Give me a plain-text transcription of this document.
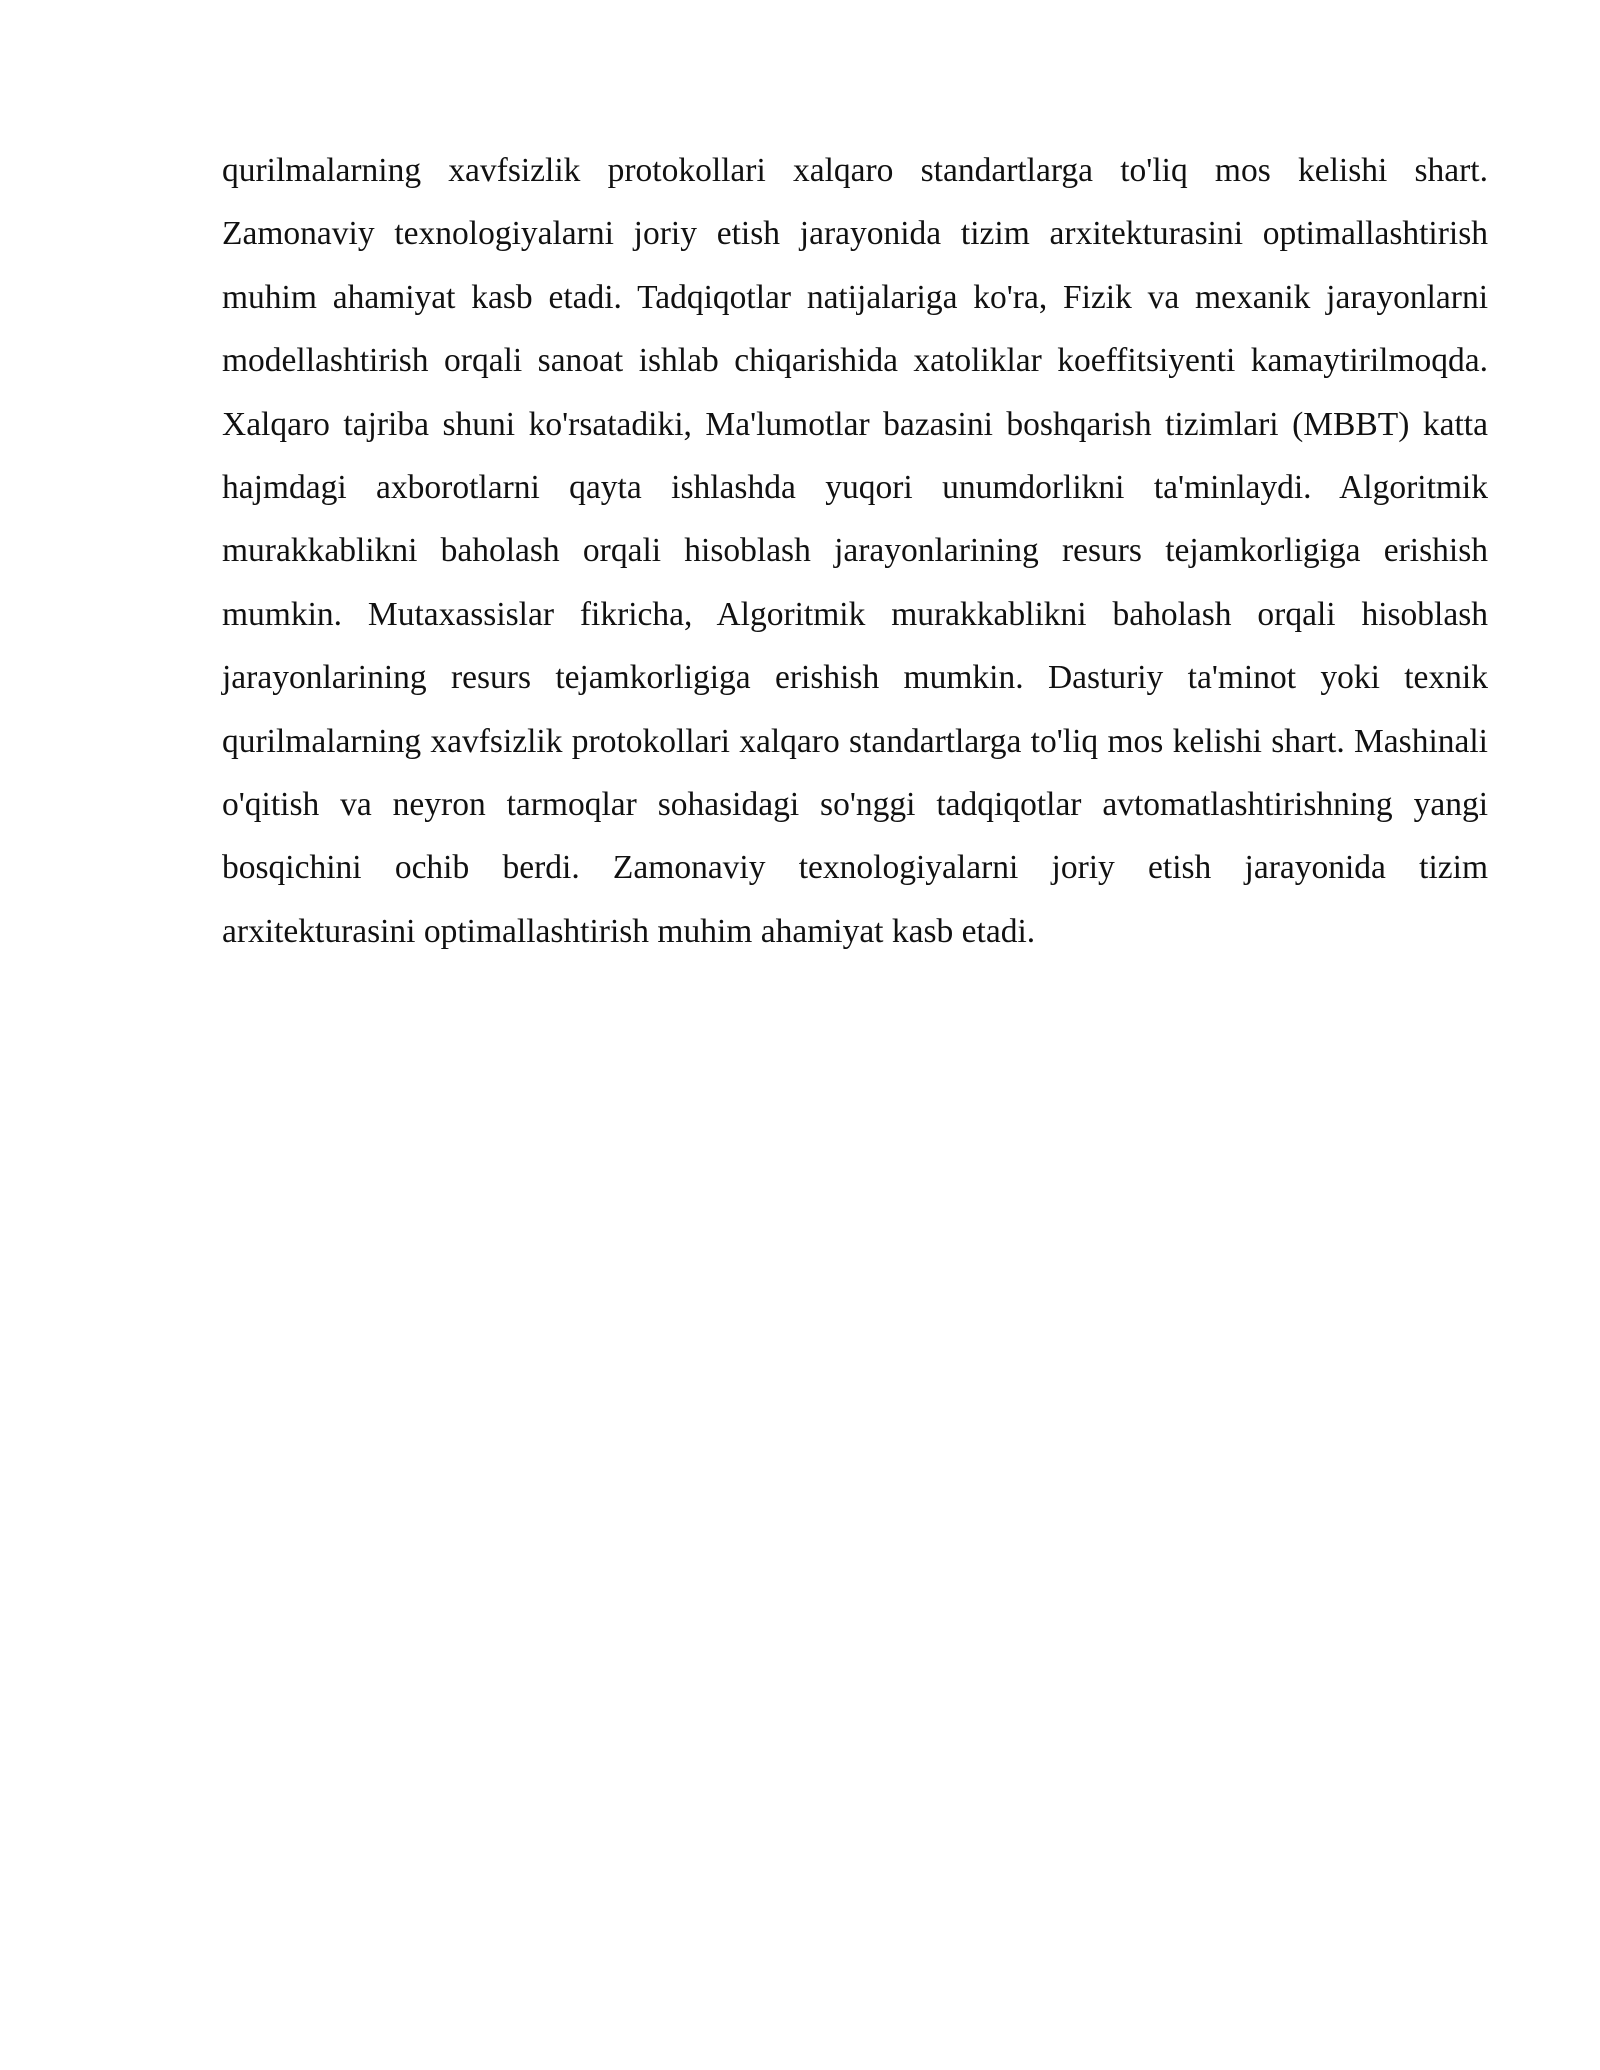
qurilmalarning xavfsizlik protokollari xalqaro standartlarga to'liq mos kelishi shart. Zamonaviy texnologiyalarni joriy etish jarayonida tizim arxitekturasini optimallashtirish muhim ahamiyat kasb etadi. Tadqiqotlar natijalariga ko'ra, Fizik va mexanik jarayonlarni modellashtirish orqali sanoat ishlab chiqarishida xatoliklar koeffitsiyenti kamaytirilmoqda. Xalqaro tajriba shuni ko'rsatadiki, Ma'lumotlar bazasini boshqarish tizimlari (MBBT) katta hajmdagi axborotlarni qayta ishlashda yuqori unumdorlikni ta'minlaydi. Algoritmik murakkablikni baholash orqali hisoblash jarayonlarining resurs tejamkorligiga erishish mumkin. Mutaxassislar fikricha, Algoritmik murakkablikni baholash orqali hisoblash jarayonlarining resurs tejamkorligiga erishish mumkin. Dasturiy ta'minot yoki texnik qurilmalarning xavfsizlik protokollari xalqaro standartlarga to'liq mos kelishi shart. Mashinali o'qitish va neyron tarmoqlar sohasidagi so'nggi tadqiqotlar avtomatlashtirishning yangi bosqichini ochib berdi. Zamonaviy texnologiyalarni joriy etish jarayonida tizim arxitekturasini optimallashtirish muhim ahamiyat kasb etadi.
